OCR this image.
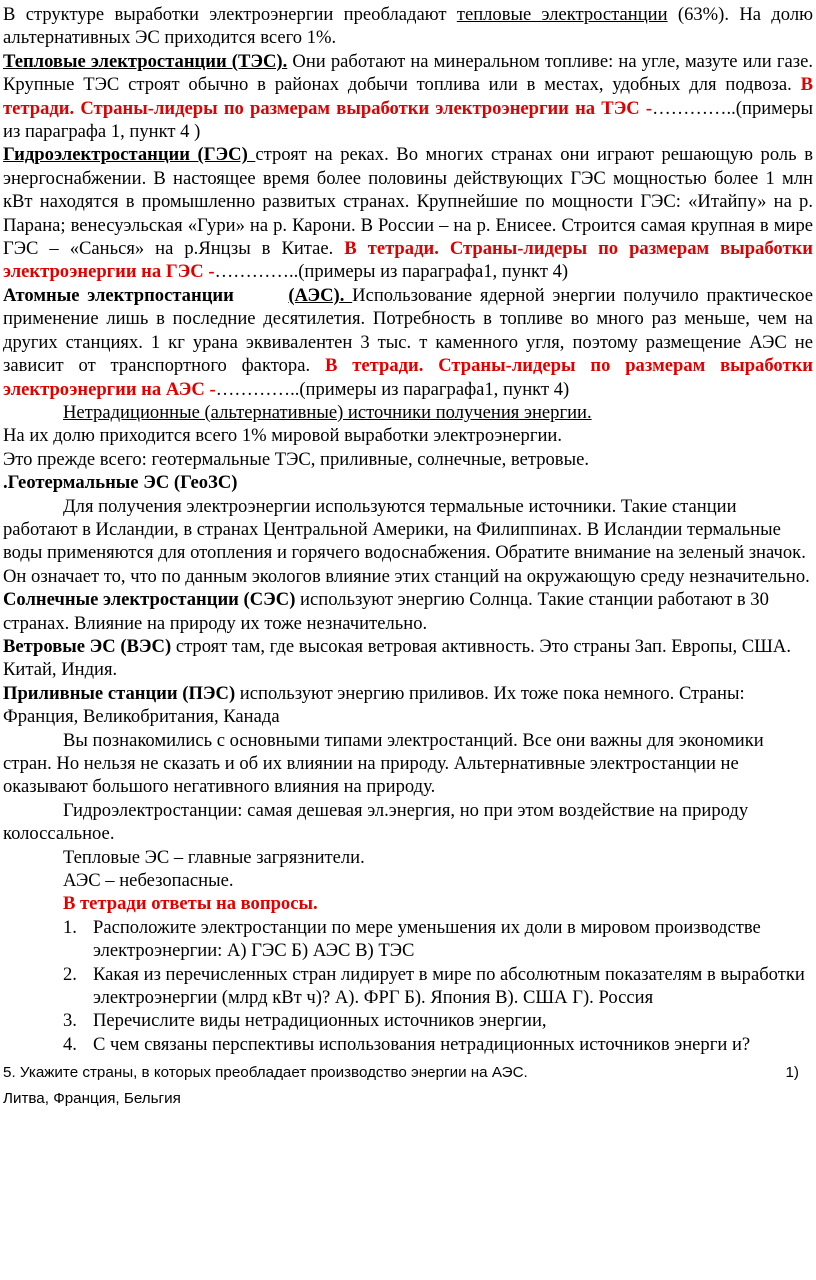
В структуре выработки электроэнергии преобладают тепловые электростанции (63%). На долю альтернативных ЭС приходится всего 1%.

Тепловые электростанции (ТЭС). Они работают на минеральном топливе: на угле, мазуте или газе. Крупные ТЭС строят обычно в районах добычи топлива или в местах, удобных для подвоза. В тетради. Страны-лидеры по размерам выработки электроэнергии на ТЭС -…………..(примеры из параграфа 1, пункт 4 )

Гидроэлектростанции (ГЭС) строят на реках. Во многих странах они играют решающую роль в энергоснабжении. В настоящее время более половины действующих ГЭС мощностью более 1 млн кВт находятся в промышленно развитых странах. Крупнейшие по мощности ГЭС: «Итайпу» на р. Парана; венесуэльская «Гури» на р. Карони. В России – на р. Енисее. Строится самая крупная в мире ГЭС – «Санься» на р.Янцзы в Китае. В тетради. Страны-лидеры по размерам выработки электроэнергии на ГЭС -…………..(примеры из параграфа1, пункт 4)

Атомные электрпостанции	(АЭС). Использование ядерной энергии получило практическое применение лишь в последние десятилетия. Потребность в топливе во много раз меньше, чем на других станциях. 1 кг урана эквивалентен 3 тыс. т каменного угля, поэтому размещение АЭС не зависит от транспортного фактора. В тетради. Страны-лидеры по размерам выработки электроэнергии на АЭС -…………..(примеры из параграфа1, пункт 4)

Нетрадиционные (альтернативные) источники получения энергии.

На их долю приходится всего 1% мировой выработки электроэнергии.

Это прежде всего: геотермальные ТЭС, приливные, солнечные, ветровые.

.Геотермальные ЭС (ГеоЗС)

Для получения электроэнергии используются термальные источники. Такие станции работают в Исландии, в странах Центральной Америки, на Филиппинах. В Исландии термальные воды применяются для отопления и горячего водоснабжения. Обратите внимание на зеленый значок. Он означает то, что по данным экологов влияние этих станций на окружающую среду незначительно.

Солнечные электростанции (СЭС) используют энергию Солнца. Такие станции работают в 30 странах. Влияние на природу их тоже незначительно.

Ветровые ЭС (ВЭС) строят там, где высокая ветровая активность. Это страны Зап. Европы, США. Китай, Индия.

Приливные станции (ПЭС) используют энергию приливов. Их тоже пока немного. Страны: Франция, Великобритания, Канада

Вы познакомились с основными типами электростанций. Все они важны для экономики стран. Но нельзя не сказать и об их влиянии на природу. Альтернативные электростанции не оказывают большого негативного влияния на природу.

Гидроэлектростанции: самая дешевая эл.энергия, но при этом воздействие на природу колоссальное.

Тепловые ЭС – главные загрязнители.

АЭС – небезопасные.

В тетради ответы на вопросы.

1. Расположите электростанции по мере уменьшения их доли в мировом производстве электроэнергии: А) ГЭС Б) АЭС В) ТЭС
2. Какая из перечисленных стран лидирует в мире по абсолютным показателям в выработки электроэнергии (млрд кВт ч)? А). ФРГ Б). Япония В). США Г). Россия
3. Перечислите виды нетрадиционных источников энергии,
4. С чем связаны перспективы использования нетрадиционных источников энерги и?
5. Укажите страны, в которых преобладает производство энергии на АЭС.	1)
Литва, Франция, Бельгия
